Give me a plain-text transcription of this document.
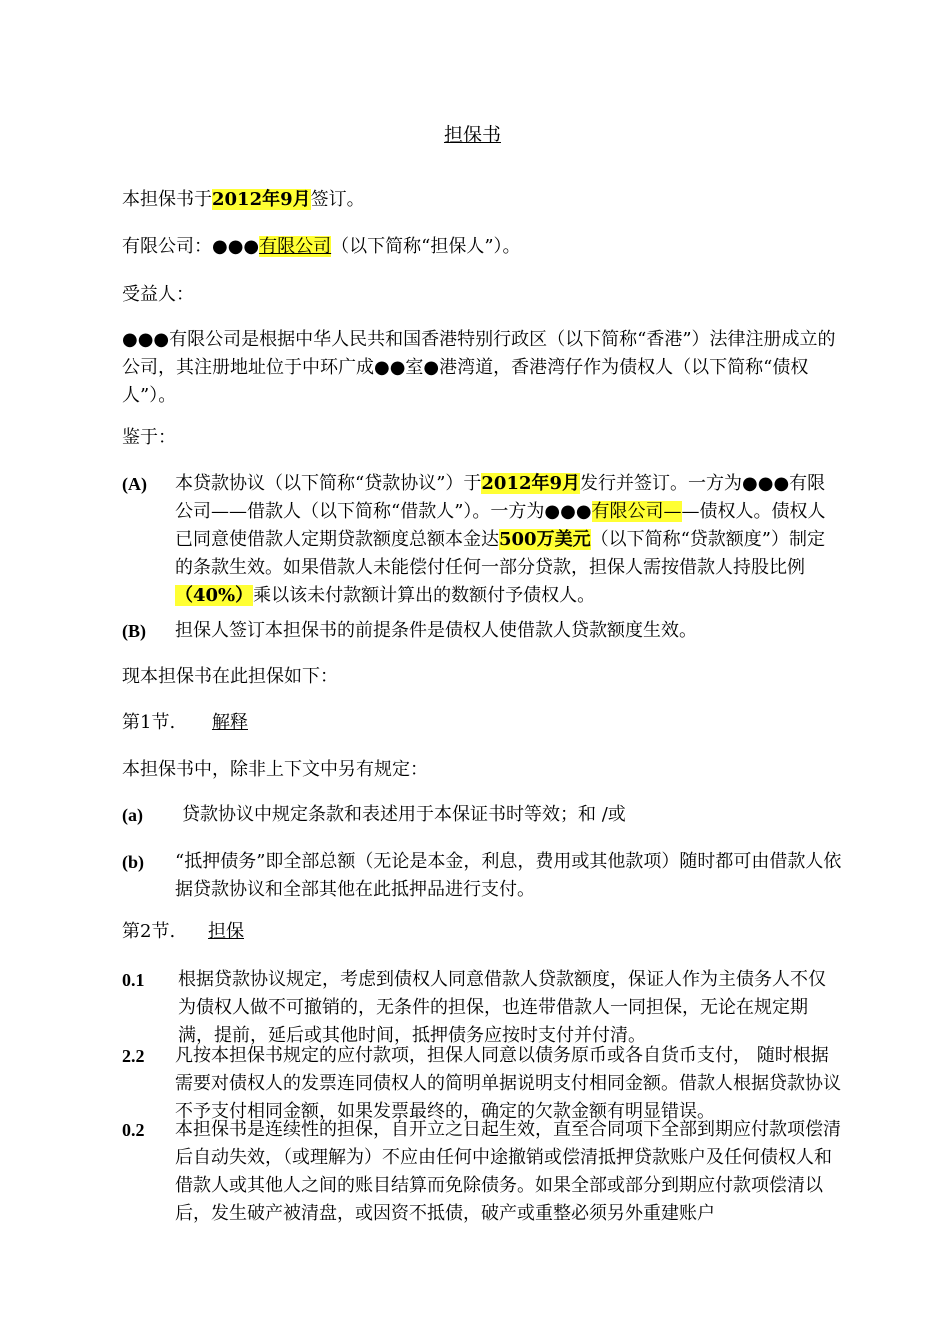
担保书

本担保书于2012年9月签订。

有限公司：●●●有限公司（以下简称“担保人”）。

受益人：

●●●有限公司是根据中华人民共和国香港特别行政区（以下简称“香港”）法律注册成立的公司，其注册地址位于中环广成●●室●港湾道，香港湾仔作为债权人（以下简称“债权人”）。

鉴于：

(A) 本贷款协议（以下简称“贷款协议”）于2012年9月发行并签订。一方为●●●有限公司——借款人（以下简称“借款人”）。一方为●●●有限公司——债权人。债权人已同意使借款人定期贷款额度总额本金达500万美元（以下简称“贷款额度”）制定的条款生效。如果借款人未能偿付任何一部分贷款，担保人需按借款人持股比例（40%）乘以该未付款额计算出的数额付予债权人。
(B) 担保人签订本担保书的前提条件是债权人使借款人贷款额度生效。

现本担保书在此担保如下：

第1节. 解释

本担保书中，除非上下文中另有规定：

(a) 贷款协议中规定条款和表述用于本保证书时等效；和 /或
(b) “抵押债务”即全部总额（无论是本金，利息，费用或其他款项）随时都可由借款人依据贷款协议和全部其他在此抵押品进行支付。

第2节. 担保

0.1 根据贷款协议规定，考虑到债权人同意借款人贷款额度，保证人作为主债务人不仅为债权人做不可撤销的，无条件的担保，也连带借款人一同担保，无论在规定期满，提前，延后或其他时间，抵押债务应按时支付并付清。
2.2 凡按本担保书规定的应付款项，担保人同意以债务原币或各自货币支付， 随时根据需要对债权人的发票连同债权人的简明单据说明支付相同金额。借款人根据贷款协议不予支付相同金额，如果发票最终的，确定的欠款金额有明显错误。
0.2 本担保书是连续性的担保，自开立之日起生效，直至合同项下全部到期应付款项偿清后自动失效，（或理解为）不应由任何中途撤销或偿清抵押贷款账户及任何债权人和借款人或其他人之间的账目结算而免除债务。如果全部或部分到期应付款项偿清以后，发生破产被清盘，或因资不抵债，破产或重整必须另外重建账户
